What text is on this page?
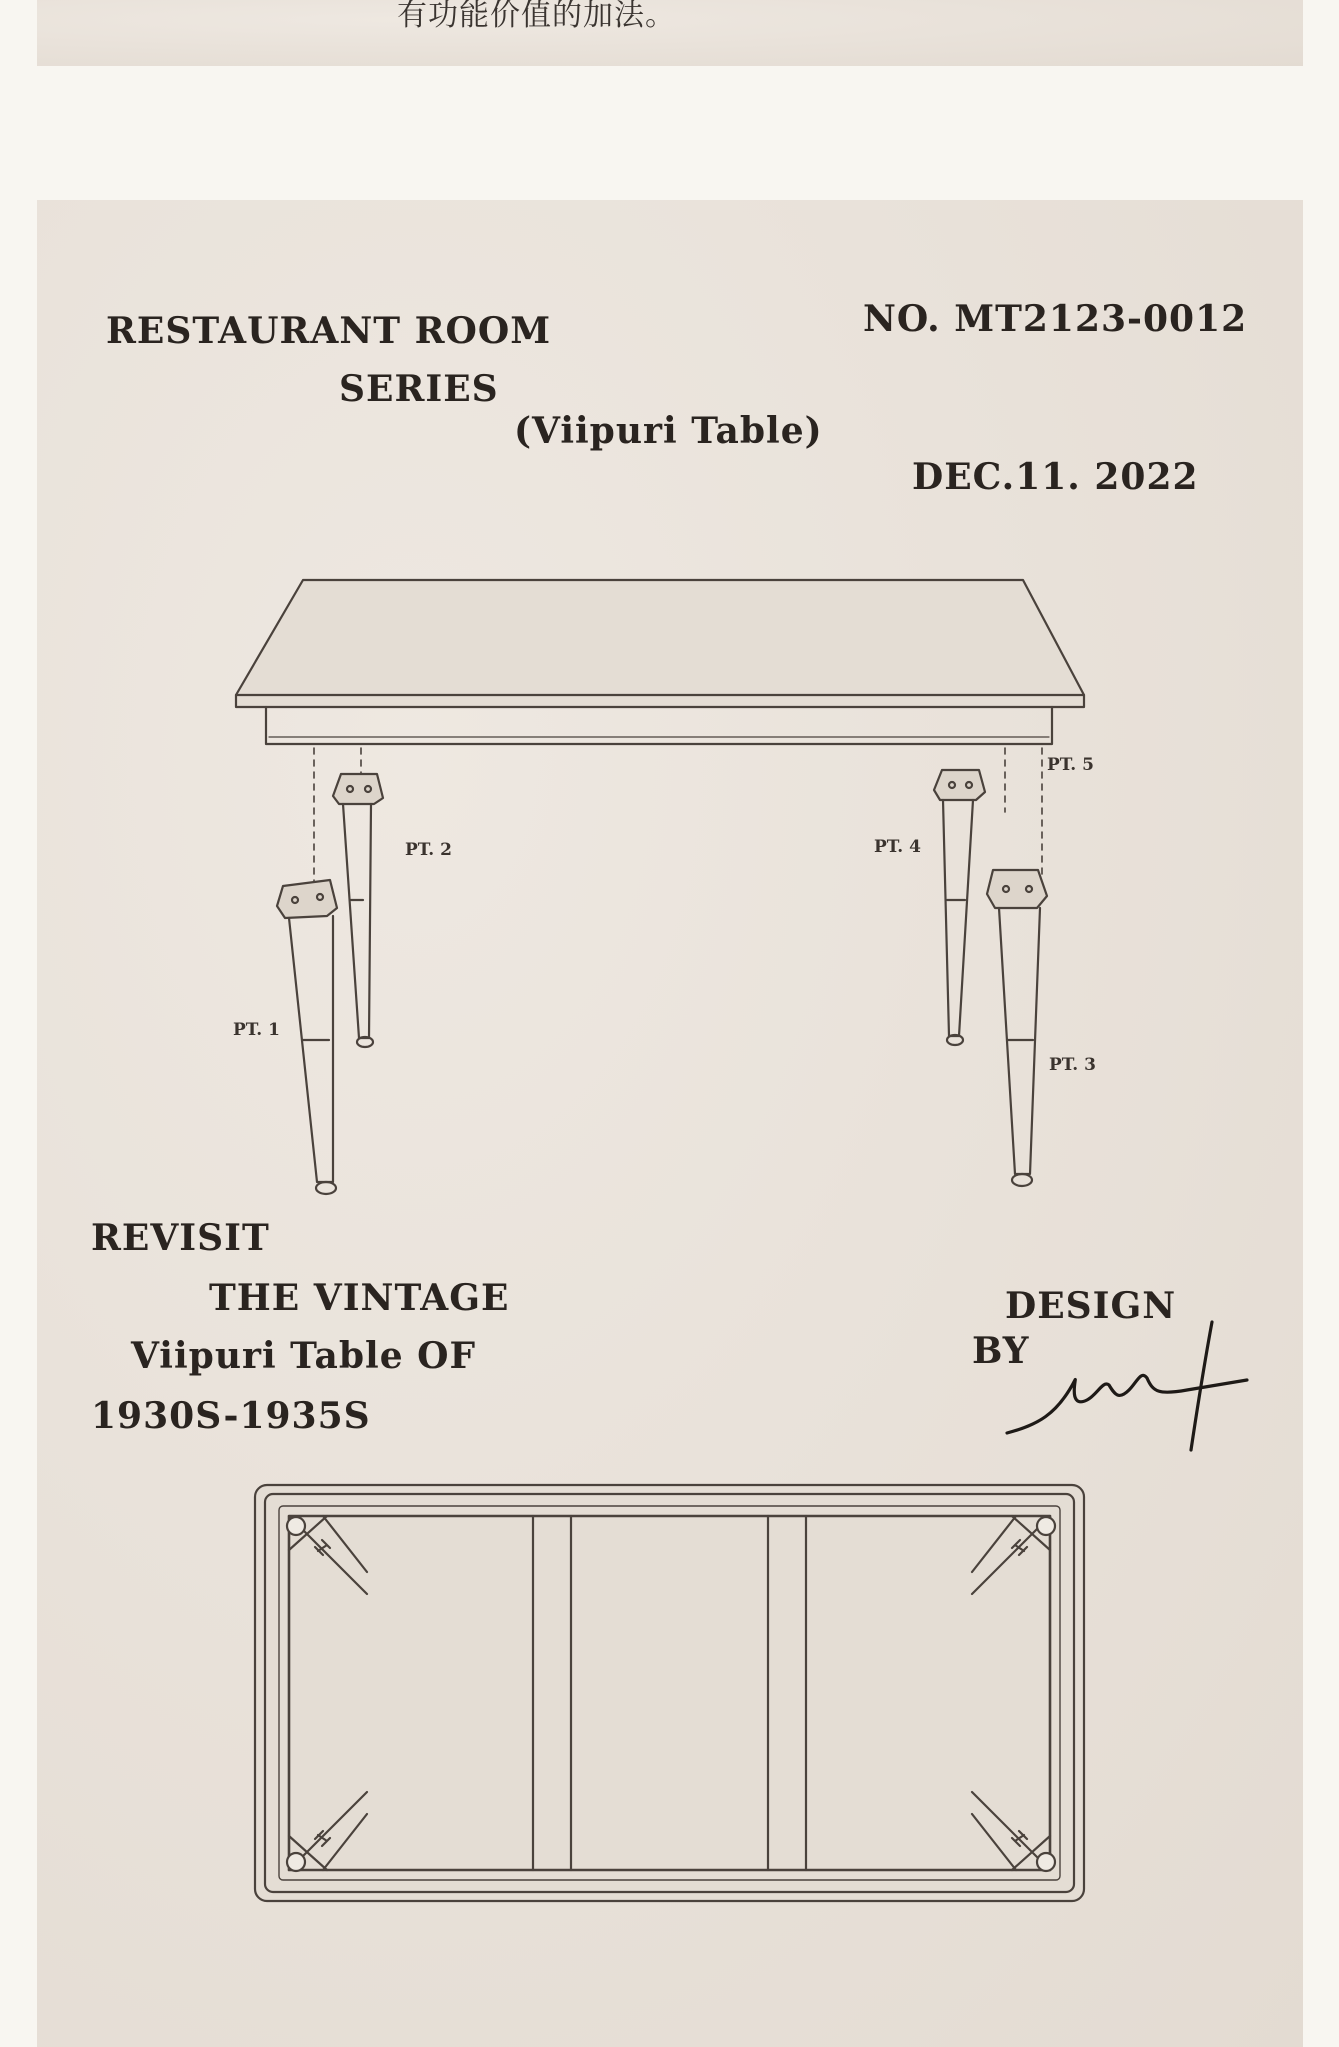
有功能价值的加法。
RESTAURANT ROOM
SERIES
(Viipuri Table)
NO. MT2123-0012
DEC.11. 2022
PT. 2
PT. 1
PT. 4
PT. 5
PT. 3
REVISIT
THE VINTAGE
Viipuri Table OF
1930S-1935S
DESIGN
BY
